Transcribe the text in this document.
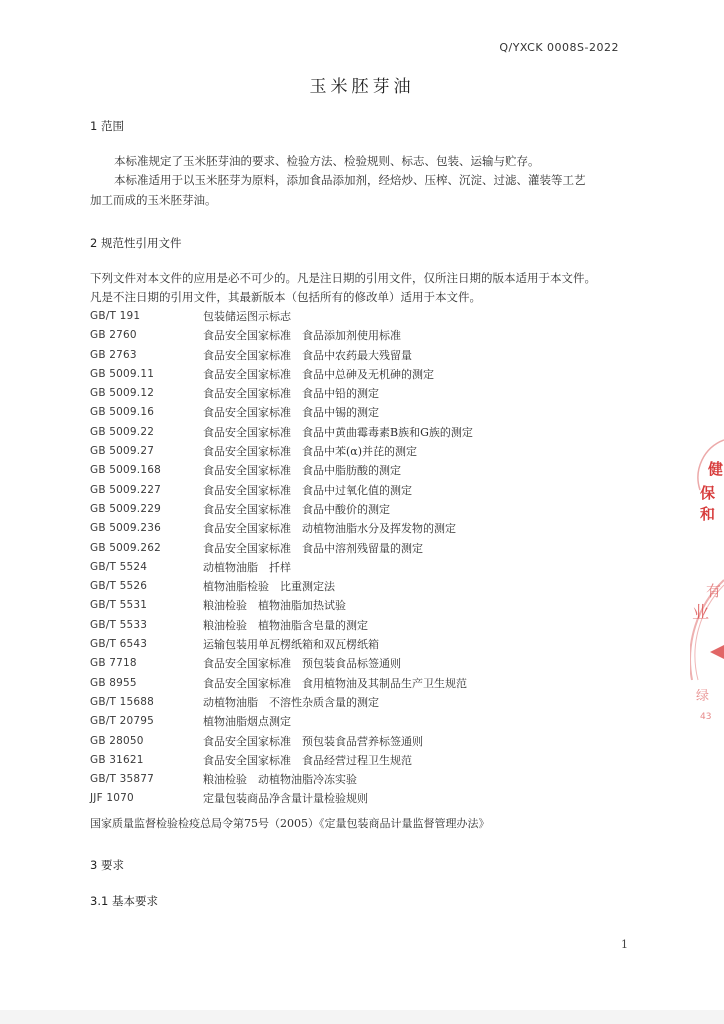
Q/YXCK 0008S-2022
玉米胚芽油
1 范围
本标准规定了玉米胚芽油的要求、检验方法、检验规则、标志、包装、运输与贮存。
本标准适用于以玉米胚芽为原料，添加食品添加剂，经焙炒、压榨、沉淀、过滤、灌装等工艺
加工而成的玉米胚芽油。
2 规范性引用文件
下列文件对本文件的应用是必不可少的。凡是注日期的引用文件，仅所注日期的版本适用于本文件。
凡是不注日期的引用文件，其最新版本（包括所有的修改单）适用于本文件。
GB/T 191	包装储运图示标志
GB 2760	食品安全国家标准　食品添加剂使用标准
GB 2763	食品安全国家标准　食品中农药最大残留量
GB 5009.11	食品安全国家标准　食品中总砷及无机砷的测定
GB 5009.12	食品安全国家标准　食品中铅的测定
GB 5009.16	食品安全国家标准　食品中锡的测定
GB 5009.22	食品安全国家标准　食品中黄曲霉毒素B族和G族的测定
GB 5009.27	食品安全国家标准　食品中苯(α)并芘的测定
GB 5009.168	食品安全国家标准　食品中脂肪酸的测定
GB 5009.227	食品安全国家标准　食品中过氧化值的测定
GB 5009.229	食品安全国家标准　食品中酸价的测定
GB 5009.236	食品安全国家标准　动植物油脂水分及挥发物的测定
GB 5009.262	食品安全国家标准　食品中溶剂残留量的测定
GB/T 5524	动植物油脂　扦样
GB/T 5526	植物油脂检验　比重测定法
GB/T 5531	粮油检验　植物油脂加热试验
GB/T 5533	粮油检验　植物油脂含皂量的测定
GB/T 6543	运输包装用单瓦楞纸箱和双瓦楞纸箱
GB 7718	食品安全国家标准　预包装食品标签通则
GB 8955	食品安全国家标准　食用植物油及其制品生产卫生规范
GB/T 15688	动植物油脂　不溶性杂质含量的测定
GB/T 20795	植物油脂烟点测定
GB 28050	食品安全国家标准　预包装食品营养标签通则
GB 31621	食品安全国家标准　食品经营过程卫生规范
GB/T 35877	粮油检验　动植物油脂冷冻实验
JJF 1070	定量包装商品净含量计量检验规则
国家质量监督检验检疫总局令第75号（2005）《定量包装商品计量监督管理办法》
3 要求
3.1 基本要求
1
健
保和
业
有
绿
43
